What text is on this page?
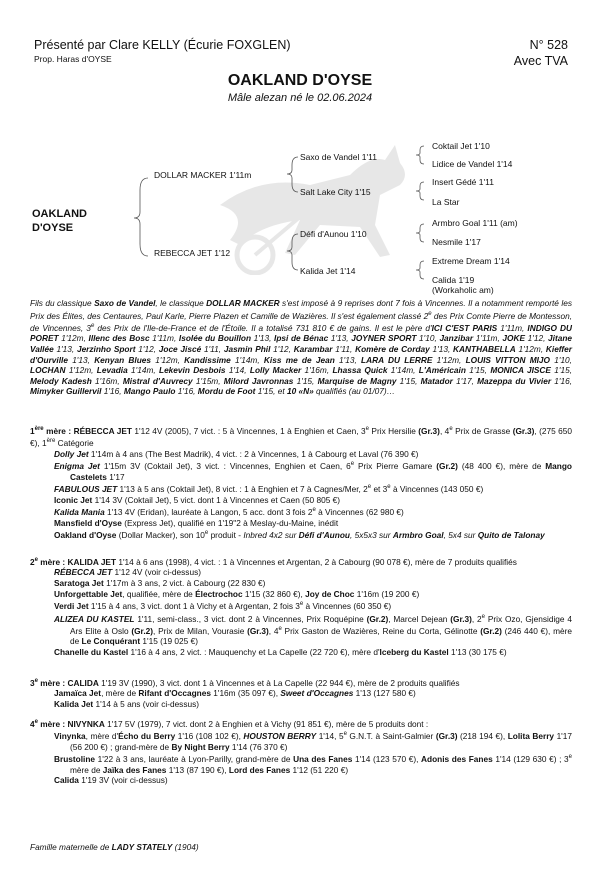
Présenté par Clare KELLY (Écurie FOXGLEN)
Prop. Haras d'OYSE
N° 528
Avec TVA
OAKLAND D'OYSE
Mâle alezan né le 02.06.2024
OAKLAND
D'OYSE
DOLLAR MACKER 1'11m
REBECCA JET 1'12
Saxo de Vandel 1'11
Salt Lake City 1'15
Défi d'Aunou 1'10
Kalida Jet 1'14
Coktail Jet 1'10
Lidice de Vandel 1'14
Insert Gédé 1'11
La Star
Armbro Goal 1'11 (am)
Nesmile 1'17
Extreme Dream 1'14
Calida 1'19
(Workaholic am)

Fils du classique Saxo de Vandel, le classique DOLLAR MACKER s'est imposé à 9 reprises dont 7 fois à Vincennes. Il a notamment remporté les Prix des Élites, des Centaures, Paul Karle, Pierre Plazen et Camille de Wazières. Il s'est également classé 2e des Prix Comte Pierre de Montesson, de Vincennes, 3e des Prix de l'Ile-de-France et de l'Étoile. Il a totalisé 731 810 € de gains. Il est le père d'ICI C'EST PARIS 1'11m, INDIGO DU PORET 1'12m, Illenc des Bosc 1'11m, Isolée du Bouillon 1'13, Ipsi de Bénac 1'13, JOYNER SPORT 1'10, Janzibar 1'11m, JOKE 1'12, Jitane Vallée 1'13, Jerzinho Sport 1'12, Joce Jiscé 1'11, Jasmin Phil 1'12, Karambar 1'11, Komère de Corday 1'13, KANTHABELLA 1'12m, Kieffer d'Ourville 1'13, Kenyan Blues 1'12m, Kandissime 1'14m, Kiss me de Jean 1'13, LARA DU LERRE 1'12m, LOUIS VITTON MIJO 1'10, LOCHAN 1'12m, Levadia 1'14m, Lekevin Desbois 1'14, Lolly Macker 1'16m, Lhassa Quick 1'14m, L'Américain 1'15, MONICA JISCE 1'15, Melody Kadesh 1'16m, Mistral d'Auvrecy 1'15m, Milord Javronnas 1'15, Marquise de Magny 1'15, Matador 1'17, Mazeppa du Vivier 1'16, Mimyker Guillervil 1'16, Mango Paulo 1'16, Mordu de Foot 1'15, et 10 «N» qualifiés (au 01/07)…

1ère mère : RÉBECCA JET 1'12 4V (2005), 7 vict. : 5 à Vincennes, 1 à Enghien et Caen, 3e Prix Hersilie (Gr.3), 4e Prix de Grasse (Gr.3), (275 650 €), 1ère Catégorie

Dolly Jet 1'14m à 4 ans (The Best Madrik), 4 vict. : 2 à Vincennes, 1 à Cabourg et Laval (76 390 €)

Enigma Jet 1'15m 3V (Coktail Jet), 3 vict. : Vincennes, Enghien et Caen, 6e Prix Pierre Gamare (Gr.2) (48 400 €), mère de Mango Castelets 1'17

FABULOUS JET 1'13 à 5 ans (Coktail Jet), 8 vict. : 1 à Enghien et 7 à Cagnes/Mer, 2e et 3e à Vincennes (143 050 €)

Iconic Jet 1'14 3V (Coktail Jet), 5 vict. dont 1 à Vincennes et Caen (50 805 €)

Kalida Mania 1'13 4V (Eridan), lauréate à Langon, 5 acc. dont 3 fois 2e à Vincennes (62 980 €)

Mansfield d'Oyse (Express Jet), qualifié en 1'19"2 à Meslay-du-Maine, inédit

Oakland d'Oyse (Dollar Macker), son 10e produit - Inbred 4x2 sur Défi d'Aunou, 5x5x3 sur Armbro Goal, 5x4 sur Quito de Talonay

2e mère : KALIDA JET 1'14 à 6 ans (1998), 4 vict. : 1 à Vincennes et Argentan, 2 à Cabourg (90 078 €), mère de 7 produits qualifiés

RÉBECCA JET 1'12 4V (voir ci-dessus)

Saratoga Jet 1'17m à 3 ans, 2 vict. à Cabourg (22 830 €)

Unforgettable Jet, qualifiée, mère de Électrochoc 1'15 (32 860 €), Joy de Choc 1'16m (19 200 €)

Verdi Jet 1'15 à 4 ans, 3 vict. dont 1 à Vichy et à Argentan, 2 fois 3e à Vincennes (60 350 €)

ALIZEA DU KASTEL 1'11, semi-class., 3 vict. dont 2 à Vincennes, Prix Roquépine (Gr.2), Marcel Dejean (Gr.3), 2e Prix Ozo, Gjensidige 4 Ars Elite à Oslo (Gr.2), Prix de Milan, Vourasie (Gr.3), 4e Prix Gaston de Wazières, Reine du Corta, Gélinotte (Gr.2) (246 440 €), mère de Le Conquérant 1'15 (19 025 €)

Chanelle du Kastel 1'16 à 4 ans, 2 vict. : Mauquenchy et La Capelle (22 720 €), mère d'Iceberg du Kastel 1'13 (30 175 €)

3e mère : CALIDA 1'19 3V (1990), 3 vict. dont 1 à Vincennes et à La Capelle (22 944 €), mère de 2 produits qualifiés

Jamaïca Jet, mère de Rifant d'Occagnes 1'16m (35 097 €), Sweet d'Occagnes 1'13 (127 580 €)

Kalida Jet 1'14 à 5 ans (voir ci-dessus)

4e mère : NIVYNKA 1'17 5V (1979), 7 vict. dont 2 à Enghien et à Vichy (91 851 €), mère de 5 produits dont :

Vinynka, mère d'Écho du Berry 1'16 (108 102 €), HOUSTON BERRY 1'14, 5e G.N.T. à Saint-Galmier (Gr.3) (218 194 €), Lolita Berry 1'17 (56 200 €) ; grand-mère de By Night Berry 1'14 (76 370 €)

Brustoline 1'22 à 3 ans, lauréate à Lyon-Parilly, grand-mère de Una des Fanes 1'14 (123 570 €), Adonis des Fanes 1'14 (129 630 €) ; 3e mère de Jaïka des Fanes 1'13 (87 190 €), Lord des Fanes 1'12 (51 220 €)

Calida 1'19 3V (voir ci-dessus)

Famille maternelle de LADY STATELY (1904)
